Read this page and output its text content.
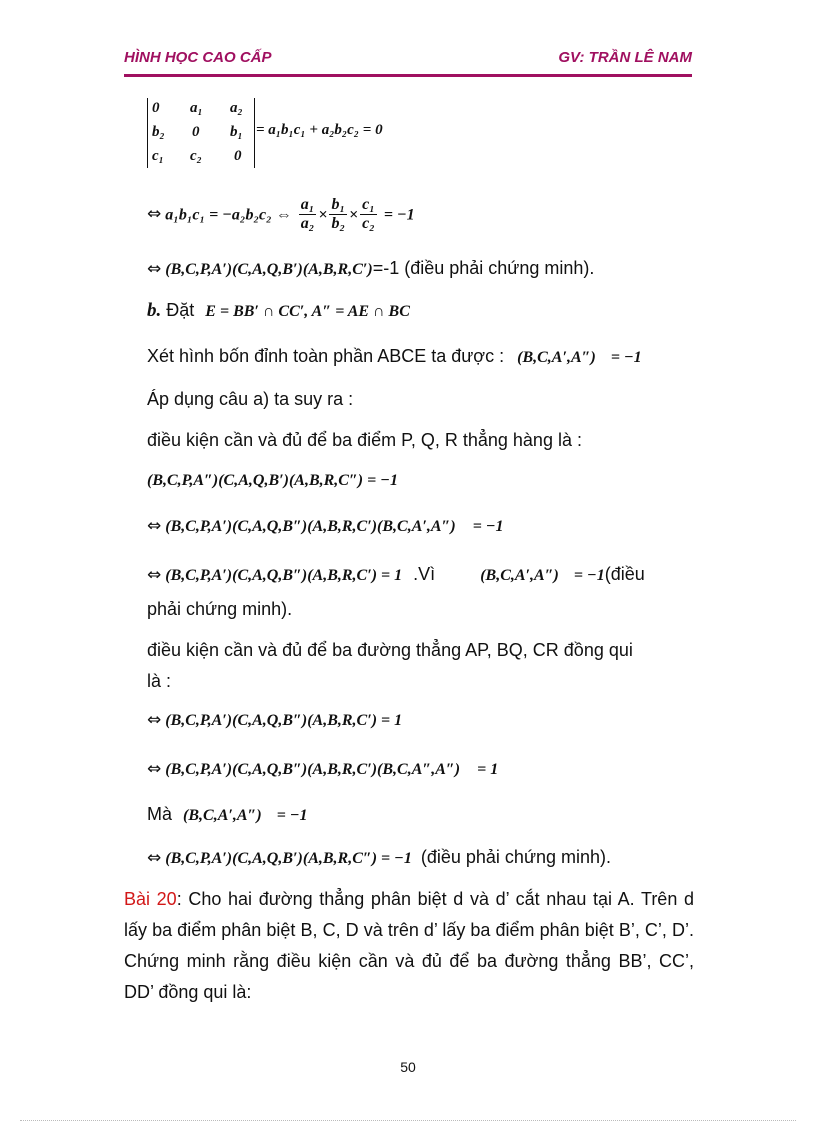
HÌNH HỌC CAO CẤP	GV: TRẦN LÊ NAM
0 a₁ a₂
b₂ 0 b₁
c₁ c₂ 0
= a₁b₁c₁ + a₂b₂c₂ = 0
⇔ a₁b₁c₁ = −a₂b₂c₂ ⇔ $\frac{\text{a₁}}{\text{a₂}} \times \frac{\text{b₁}}{\text{b₂}} \times \frac{\text{c₁}}{\text{c₂}} = -1$
⇔ (B,C,P,A′)(C,A,Q,B′)(A,B,R,C′)=-1 (điều phải chứng minh).
b. Đặt E = BB′ ∩ CC′, A″ = AE ∩ BC
Xét hình bốn đỉnh toàn phần ABCE ta được : (B,C,A′,A″) = −1
Áp dụng câu a) ta suy ra :
điều kiện cần và đủ để ba điểm P, Q, R thẳng hàng là :
(B,C,P,A″)(C,A,Q,B′)(A,B,R,C″) = −1
⇔ (B,C,P,A′)(C,A,Q,B″)(A,B,R,C′)(B,C,A′,A″) = −1
⇔ (B,C,P,A′)(C,A,Q,B″)(A,B,R,C′) = 1 .Vì	(B,C,A′,A″) = −1(điều
phải chứng minh).
điều kiện cần và đủ để ba đường thẳng AP, BQ, CR đồng qui
là :
⇔ (B,C,P,A′)(C,A,Q,B″)(A,B,R,C′) = 1
⇔ (B,C,P,A′)(C,A,Q,B″)(A,B,R,C′)(B,C,A″,A″) = 1
Mà (B,C,A′,A″) = −1
⇔ (B,C,P,A′)(C,A,Q,B′)(A,B,R,C″) = −1 (điều phải chứng minh).
Bài 20: Cho hai đường thẳng phân biệt d và d’ cắt nhau tại A. Trên d lấy ba điểm phân biệt B, C, D và trên d’ lấy ba điểm phân biệt B’, C’, D’. Chứng minh rằng điều kiện cần và đủ để ba đường thẳng BB’, CC’, DD’ đồng qui là:
50
